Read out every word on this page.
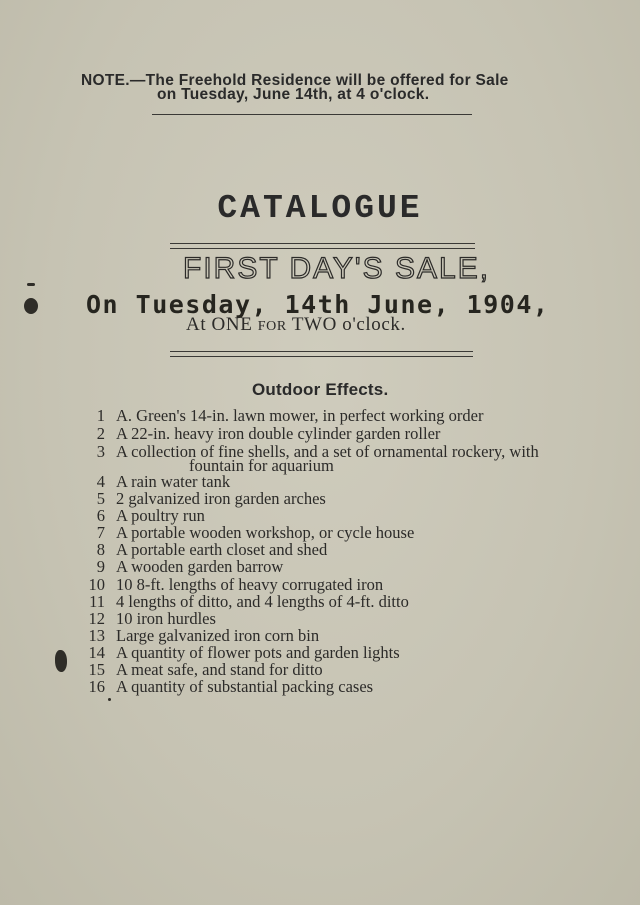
NOTE.—The Freehold Residence will be offered for Sale
on Tuesday, June 14th, at 4 o'clock.
CATALOGUE
FIRST DAY'S SALE,
On Tuesday, 14th June, 1904,
At ONE FOR TWO o'clock.
Outdoor Effects.
1 A. Green's 14-in. lawn mower, in perfect working order
2 A 22-in. heavy iron double cylinder garden roller
3 A collection of fine shells, and a set of ornamental rockery, with
fountain for aquarium
4 A rain water tank
5 2 galvanized iron garden arches
6 A poultry run
7 A portable wooden workshop, or cycle house
8 A portable earth closet and shed
9 A wooden garden barrow
10 10 8-ft. lengths of heavy corrugated iron
11 4 lengths of ditto, and 4 lengths of 4-ft. ditto
12 10 iron hurdles
13 Large galvanized iron corn bin
14 A quantity of flower pots and garden lights
15 A meat safe, and stand for ditto
16 A quantity of substantial packing cases
